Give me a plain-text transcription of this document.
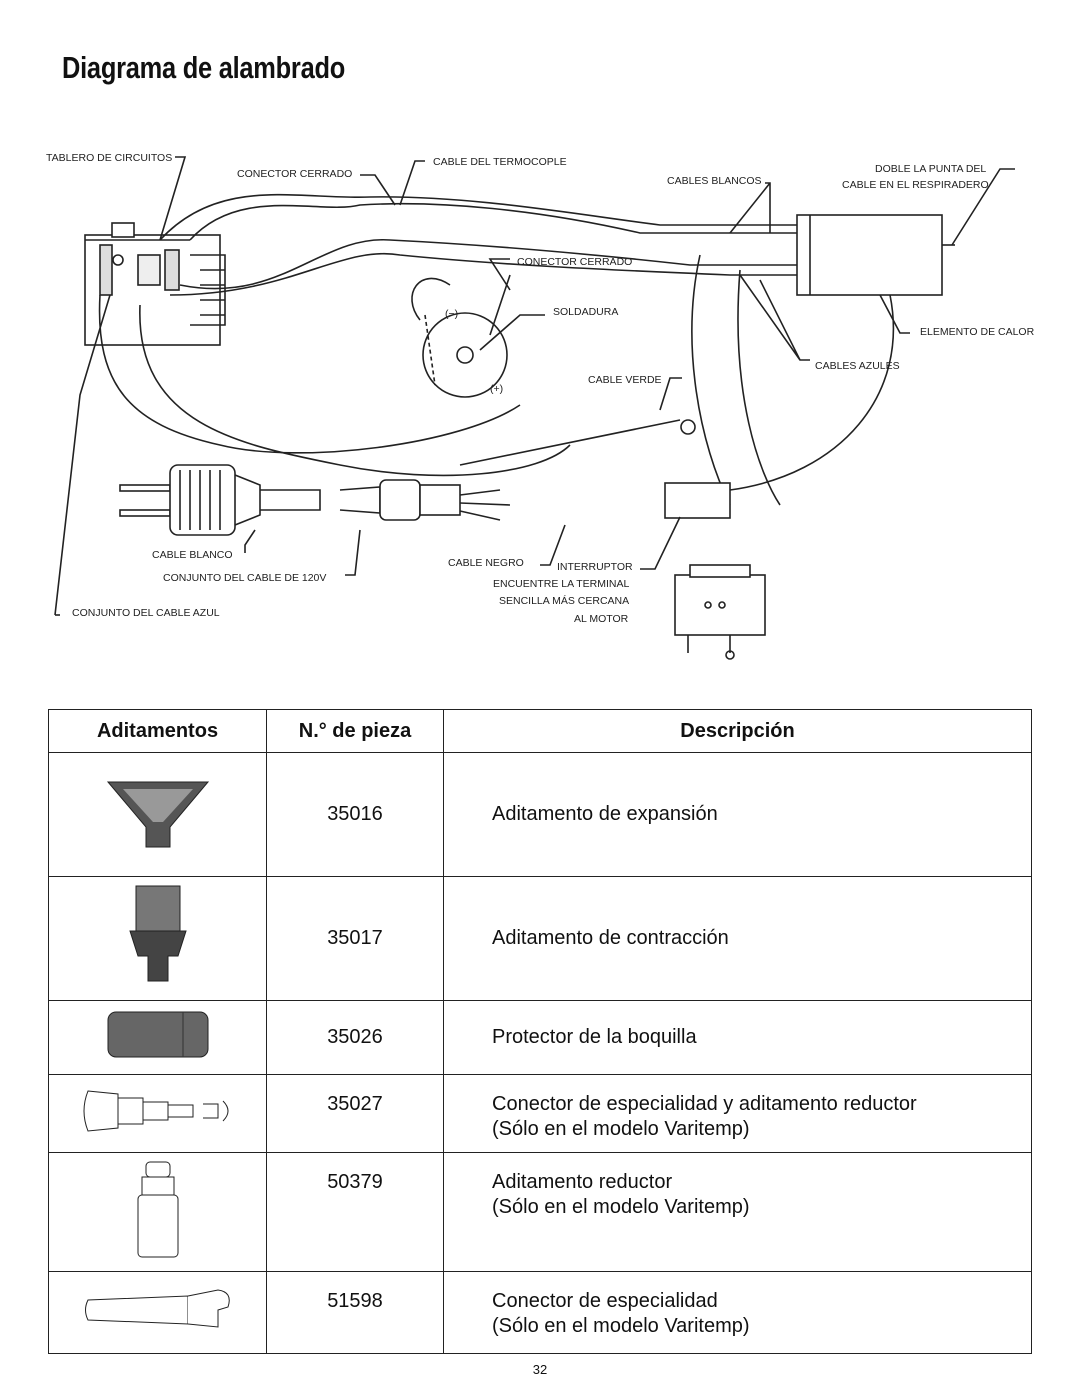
Diagrama de alambrado
TABLERO DE CIRCUITOS
CONECTOR CERRADO
CABLE DEL TERMOCOPLE
CABLES BLANCOS
DOBLE LA PUNTA DEL
CABLE EN EL RESPIRADERO
CONECTOR CERRADO
SOLDADURA
ELEMENTO DE CALOR
CABLES AZULES
CABLE VERDE
(−)
(+)
CABLE BLANCO
CONJUNTO DEL CABLE DE 120V
CONJUNTO DEL CABLE AZUL
CABLE NEGRO	INTERRUPTOR
ENCUENTRE LA TERMINAL
SENCILLA MÁS CERCANA
AL MOTOR
Aditamentos	N.° de pieza	Descripción
	35016	Aditamento de expansión

	35017	Aditamento de contracción

	35026	Protector de la boquilla

	35027	Conector de especialidad y aditamento reductor
(Sólo en el modelo Varitemp)

	50379	Aditamento reductor
(Sólo en el modelo Varitemp)

	51598	Conector de especialidad
(Sólo en el modelo Varitemp)
32
